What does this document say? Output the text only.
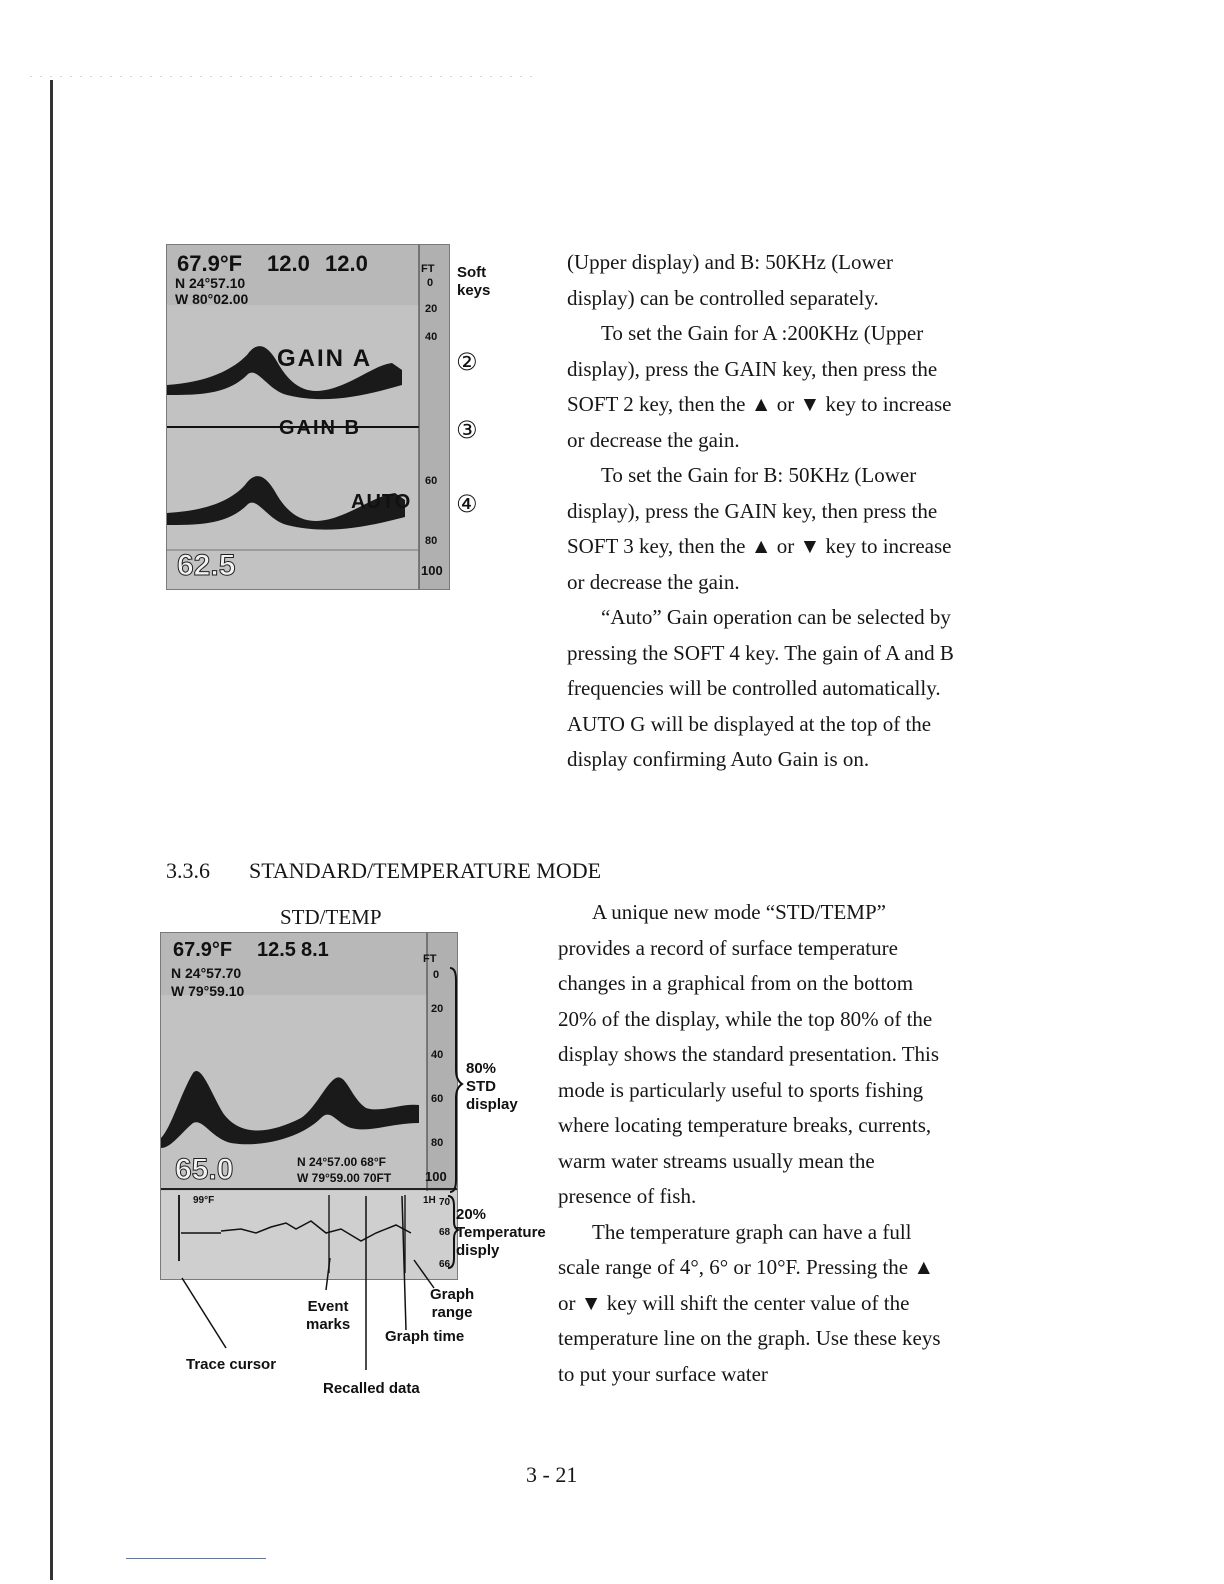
. . . . . . . . . . . . . . . . . . . . . . . . . . . . . . . . . . . . . . . . . . . . . . . . . . .
67.9°F 12.0 12.0	FT
N 24°57.10
W 80°02.00
0
20
40
60
80
100
GAIN A
GAIN B
AUTO
62.5
Soft
keys
②
③
④

(Upper display) and B: 50KHz (Lower display) can be controlled separately.

To set the Gain for A :200KHz (Upper display), press the GAIN key, then press the SOFT 2 key, then the ▲ or ▼ key to increase or decrease the gain.

To set the Gain for B: 50KHz (Lower display), press the GAIN key, then press the SOFT 3 key, then the ▲ or ▼ key to increase or decrease the gain.

“Auto” Gain operation can be selected by pressing the SOFT 4 key. The gain of A and B frequencies will be controlled automatically. AUTO G will be displayed at the top of the display confirming Auto Gain is on.

3.3.6 STANDARD/TEMPERATURE MODE
STD/TEMP
67.9°F 12.5 8.1	FT
N 24°57.70
W 79°59.10
0
20
40
60
80
100
65.0	N 24°57.00 68°F
W 79°59.00 70FT
99°F	1H 70
68
66
80%
STD
display
20%
Temperature
disply
Graph
range
Event
marks
Graph time
Trace cursor
Recalled data

A unique new mode “STD/TEMP” provides a record of surface temperature changes in a graphical from on the bottom 20% of the display, while the top 80% of the display shows the standard presentation. This mode is particularly useful to sports fishing where locating temperature breaks, currents, warm water streams usually mean the presence of fish.

The temperature graph can have a full scale range of 4°, 6° or 10°F. Pressing the ▲ or ▼ key will shift the center value of the temperature line on the graph. Use these keys to put your surface water

3 - 21
